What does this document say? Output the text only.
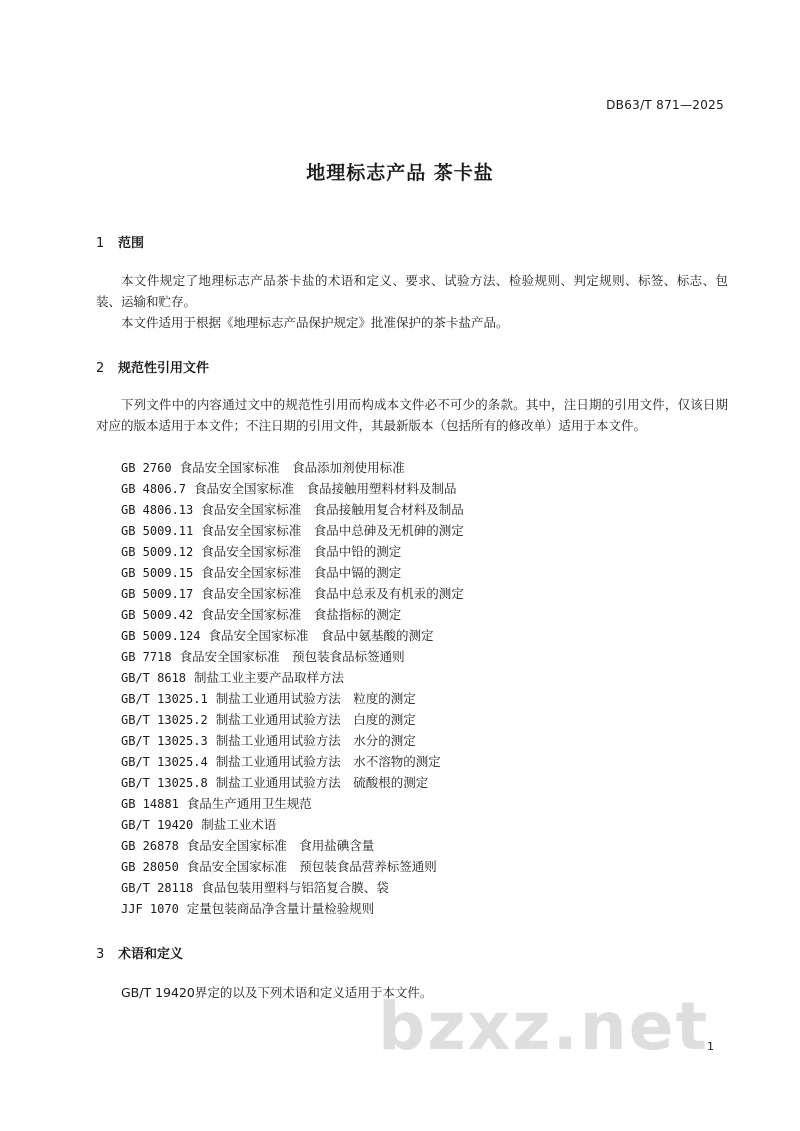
DB63/T 871—2025
地理标志产品 茶卡盐
1 范围
本文件规定了地理标志产品茶卡盐的术语和定义、要求、试验方法、检验规则、判定规则、标签、标志、包装、运输和贮存。
本文件适用于根据《地理标志产品保护规定》批准保护的茶卡盐产品。
2 规范性引用文件
下列文件中的内容通过文中的规范性引用而构成本文件必不可少的条款。其中，注日期的引用文件，仅该日期对应的版本适用于本文件；不注日期的引用文件，其最新版本（包括所有的修改单）适用于本文件。
GB 2760 食品安全国家标准　食品添加剂使用标准
GB 4806.7 食品安全国家标准　食品接触用塑料材料及制品
GB 4806.13 食品安全国家标准　食品接触用复合材料及制品
GB 5009.11 食品安全国家标准　食品中总砷及无机砷的测定
GB 5009.12 食品安全国家标准　食品中铅的测定
GB 5009.15 食品安全国家标准　食品中镉的测定
GB 5009.17 食品安全国家标准　食品中总汞及有机汞的测定
GB 5009.42 食品安全国家标准　食盐指标的测定
GB 5009.124 食品安全国家标准　食品中氨基酸的测定
GB 7718 食品安全国家标准　预包装食品标签通则
GB/T 8618 制盐工业主要产品取样方法
GB/T 13025.1 制盐工业通用试验方法　粒度的测定
GB/T 13025.2 制盐工业通用试验方法　白度的测定
GB/T 13025.3 制盐工业通用试验方法　水分的测定
GB/T 13025.4 制盐工业通用试验方法　水不溶物的测定
GB/T 13025.8 制盐工业通用试验方法　硫酸根的测定
GB 14881 食品生产通用卫生规范
GB/T 19420 制盐工业术语
GB 26878 食品安全国家标准　食用盐碘含量
GB 28050 食品安全国家标准　预包装食品营养标签通则
GB/T 28118 食品包装用塑料与铝箔复合膜、袋
JJF 1070 定量包装商品净含量计量检验规则
3 术语和定义
GB/T 19420界定的以及下列术语和定义适用于本文件。
bzxz.net
1
